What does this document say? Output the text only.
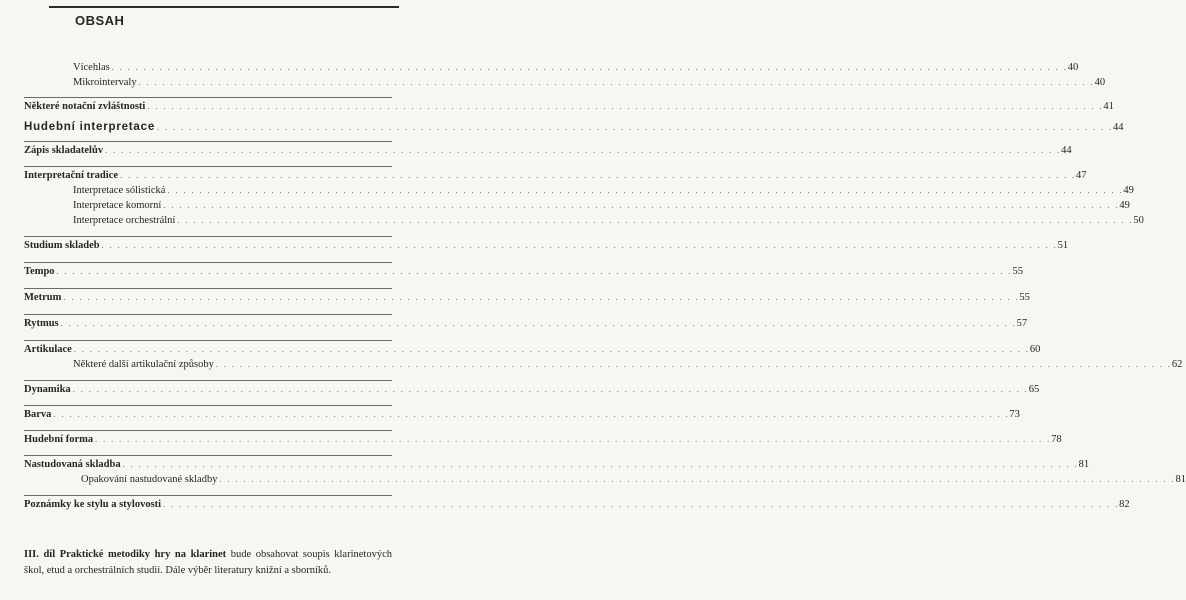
OBSAH
Vícehlas . . . . . . . . . . . . . . . . . . . . . . . . . . . . . . . . . . . . . . . . . . . . . . . . . . . . . . . . . . . . . . . . . . . . . . . . . . . . . . . . . . . . . . . . . . . . . . . . . . . . . . . . . . . . . . . . . . . . . . . . 40
Mikrointervaly . . . . . . . . . . . . . . . . . . . . . . . . . . . . . . . . . . . . . . . . . . . . . . . . . . . . . . . . . . . . . . . . . . . . . . . . . . . . . . . . . . . . . . . . . . . . . . . . . . . . . . . . . . . . . . . . . . . . . . . . 40
Některé notační zvláštnosti . . . . . . . . . . . . . . . . . . . . . . . . . . . . . . . . . . . . . . . . . . . . . . . . . . . . . . . . . . . . . . . . . . . . . . . . . . . . . . . . . . . . . . . . . . . . . . . . . . . . . . . . . . . . . . . . . . . . . . . . 41
Hudební interpretace . . . . . . . . . . . . . . . . . . . . . . . . . . . . . . . . . . . . . . . . . . . . . . . . . . . . . . . . . . . . . . . . . . . . . . . . . . . . . . . . . . . . . . . . . . . . . . . . . . . . . . . . . . . . . . . . . . . . . . . . 44
Zápis skladatelův . . . . . . . . . . . . . . . . . . . . . . . . . . . . . . . . . . . . . . . . . . . . . . . . . . . . . . . . . . . . . . . . . . . . . . . . . . . . . . . . . . . . . . . . . . . . . . . . . . . . . . . . . . . . . . . . . . . . . . . . 44
Interpretační tradice . . . . . . . . . . . . . . . . . . . . . . . . . . . . . . . . . . . . . . . . . . . . . . . . . . . . . . . . . . . . . . . . . . . . . . . . . . . . . . . . . . . . . . . . . . . . . . . . . . . . . . . . . . . . . . . . . . . . . . . . 47
Interpretace sólistická . . . . . . . . . . . . . . . . . . . . . . . . . . . . . . . . . . . . . . . . . . . . . . . . . . . . . . . . . . . . . . . . . . . . . . . . . . . . . . . . . . . . . . . . . . . . . . . . . . . . . . . . . . . . . . . . . . . . . . . . 49
Interpretace komorní . . . . . . . . . . . . . . . . . . . . . . . . . . . . . . . . . . . . . . . . . . . . . . . . . . . . . . . . . . . . . . . . . . . . . . . . . . . . . . . . . . . . . . . . . . . . . . . . . . . . . . . . . . . . . . . . . . . . . . . . 49
Interpretace orchestrální . . . . . . . . . . . . . . . . . . . . . . . . . . . . . . . . . . . . . . . . . . . . . . . . . . . . . . . . . . . . . . . . . . . . . . . . . . . . . . . . . . . . . . . . . . . . . . . . . . . . . . . . . . . . . . . . . . . . . . . . 50
Studium skladeb . . . . . . . . . . . . . . . . . . . . . . . . . . . . . . . . . . . . . . . . . . . . . . . . . . . . . . . . . . . . . . . . . . . . . . . . . . . . . . . . . . . . . . . . . . . . . . . . . . . . . . . . . . . . . . . . . . . . . . . . 51
Tempo . . . . . . . . . . . . . . . . . . . . . . . . . . . . . . . . . . . . . . . . . . . . . . . . . . . . . . . . . . . . . . . . . . . . . . . . . . . . . . . . . . . . . . . . . . . . . . . . . . . . . . . . . . . . . . . . . . . . . . . . 55
Metrum . . . . . . . . . . . . . . . . . . . . . . . . . . . . . . . . . . . . . . . . . . . . . . . . . . . . . . . . . . . . . . . . . . . . . . . . . . . . . . . . . . . . . . . . . . . . . . . . . . . . . . . . . . . . . . . . . . . . . . . . 55
Rytmus . . . . . . . . . . . . . . . . . . . . . . . . . . . . . . . . . . . . . . . . . . . . . . . . . . . . . . . . . . . . . . . . . . . . . . . . . . . . . . . . . . . . . . . . . . . . . . . . . . . . . . . . . . . . . . . . . . . . . . . . 57
Artikulace . . . . . . . . . . . . . . . . . . . . . . . . . . . . . . . . . . . . . . . . . . . . . . . . . . . . . . . . . . . . . . . . . . . . . . . . . . . . . . . . . . . . . . . . . . . . . . . . . . . . . . . . . . . . . . . . . . . . . . . . 60
Některé další artikulační způsoby . . . . . . . . . . . . . . . . . . . . . . . . . . . . . . . . . . . . . . . . . . . . . . . . . . . . . . . . . . . . . . . . . . . . . . . . . . . . . . . . . . . . . . . . . . . . . . . . . . . . . . . . . . . . . . . . . . . . . . . . 62
Dynamika . . . . . . . . . . . . . . . . . . . . . . . . . . . . . . . . . . . . . . . . . . . . . . . . . . . . . . . . . . . . . . . . . . . . . . . . . . . . . . . . . . . . . . . . . . . . . . . . . . . . . . . . . . . . . . . . . . . . . . . . 65
Barva . . . . . . . . . . . . . . . . . . . . . . . . . . . . . . . . . . . . . . . . . . . . . . . . . . . . . . . . . . . . . . . . . . . . . . . . . . . . . . . . . . . . . . . . . . . . . . . . . . . . . . . . . . . . . . . . . . . . . . . . 73
Hudební forma . . . . . . . . . . . . . . . . . . . . . . . . . . . . . . . . . . . . . . . . . . . . . . . . . . . . . . . . . . . . . . . . . . . . . . . . . . . . . . . . . . . . . . . . . . . . . . . . . . . . . . . . . . . . . . . . . . . . . . . . 78
Nastudovaná skladba . . . . . . . . . . . . . . . . . . . . . . . . . . . . . . . . . . . . . . . . . . . . . . . . . . . . . . . . . . . . . . . . . . . . . . . . . . . . . . . . . . . . . . . . . . . . . . . . . . . . . . . . . . . . . . . . . . . . . . . . 81
Opakování nastudované skladby . . . . . . . . . . . . . . . . . . . . . . . . . . . . . . . . . . . . . . . . . . . . . . . . . . . . . . . . . . . . . . . . . . . . . . . . . . . . . . . . . . . . . . . . . . . . . . . . . . . . . . . . . . . . . . . . . . . . . . . . 81
Poznámky ke stylu a stylovosti . . . . . . . . . . . . . . . . . . . . . . . . . . . . . . . . . . . . . . . . . . . . . . . . . . . . . . . . . . . . . . . . . . . . . . . . . . . . . . . . . . . . . . . . . . . . . . . . . . . . . . . . . . . . . . . . . . . . . . . . 82

III. díl Praktické metodiky hry na klarinet bude obsahovat soupis klarinetových škol, etud a orchestrálních studií. Dále výběr literatury knižní a sborníků.
